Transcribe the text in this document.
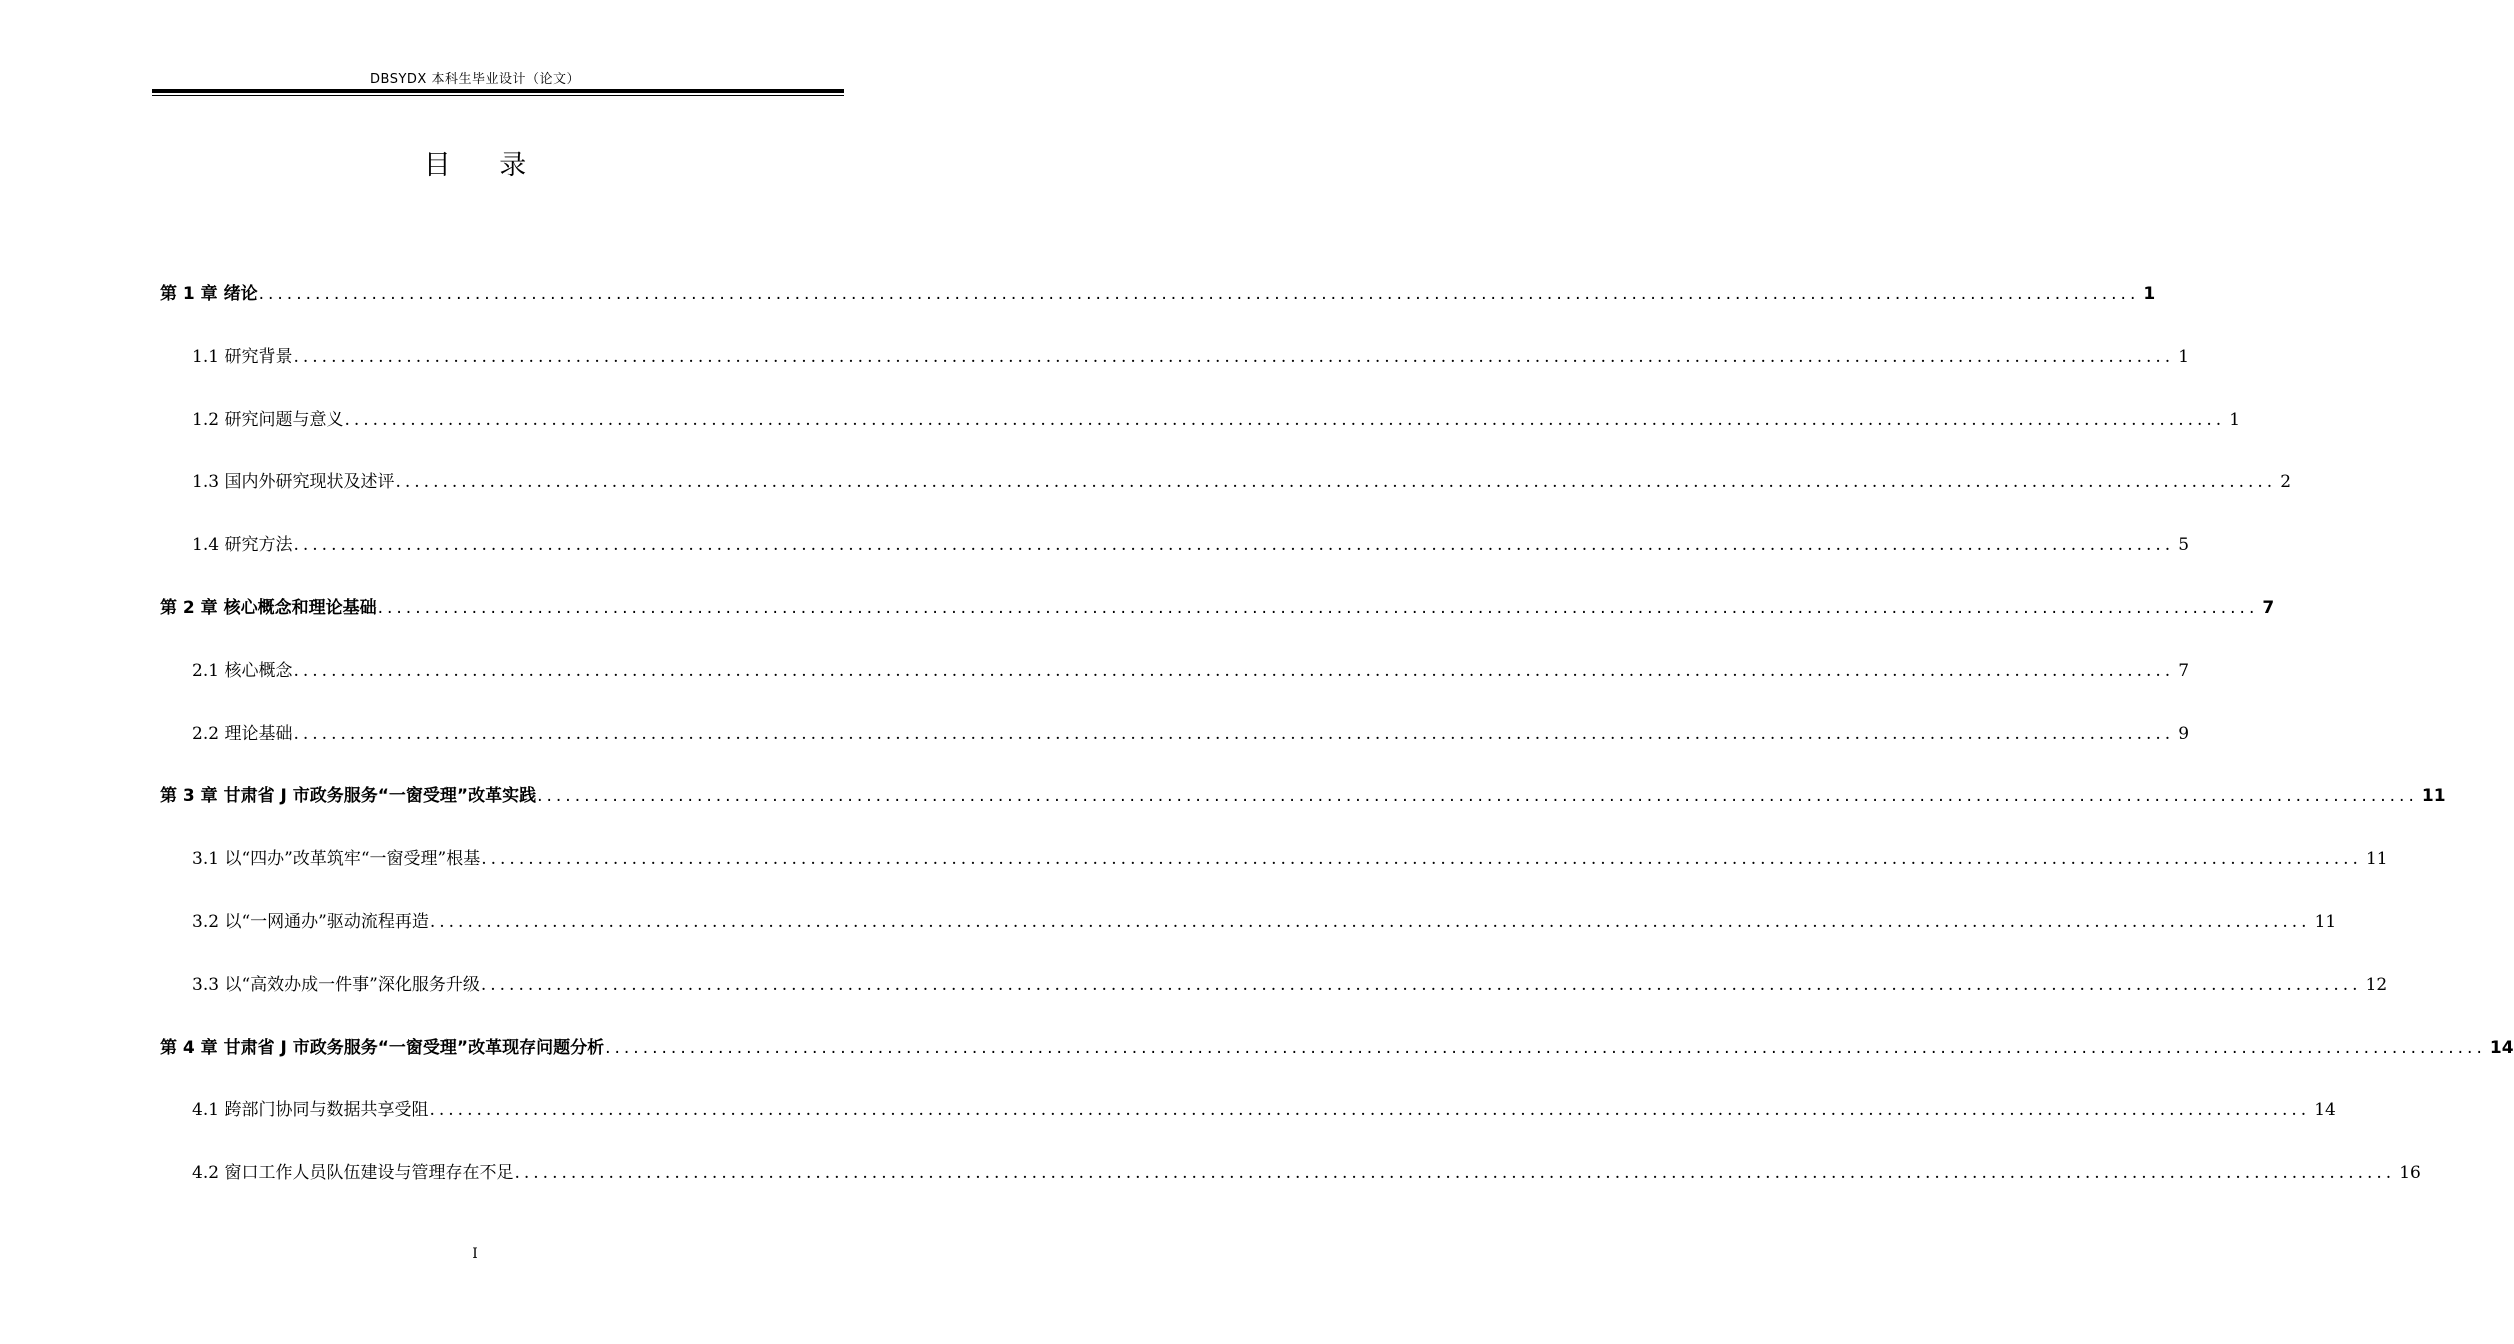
DBSYDX 本科生毕业设计（论文）
目 录
第 1 章 绪论 ........................................................................................................................................................................................................ 1
1.1 研究背景 ........................................................................................................................................................................................................ 1
1.2 研究问题与意义 ........................................................................................................................................................................................................ 1
1.3 国内外研究现状及述评 ........................................................................................................................................................................................................ 2
1.4 研究方法 ........................................................................................................................................................................................................ 5
第 2 章 核心概念和理论基础 ........................................................................................................................................................................................................ 7
2.1 核心概念 ........................................................................................................................................................................................................ 7
2.2 理论基础 ........................................................................................................................................................................................................ 9
第 3 章 甘肃省 J 市政务服务“一窗受理”改革实践 ........................................................................................................................................................................................................ 11
3.1 以“四办”改革筑牢“一窗受理”根基 ........................................................................................................................................................................................................ 11
3.2 以“一网通办”驱动流程再造 ........................................................................................................................................................................................................ 11
3.3 以“高效办成一件事”深化服务升级 ........................................................................................................................................................................................................ 12
第 4 章 甘肃省 J 市政务服务“一窗受理”改革现存问题分析 ........................................................................................................................................................................................................ 14
4.1 跨部门协同与数据共享受阻 ........................................................................................................................................................................................................ 14
4.2 窗口工作人员队伍建设与管理存在不足 ........................................................................................................................................................................................................ 16
I
